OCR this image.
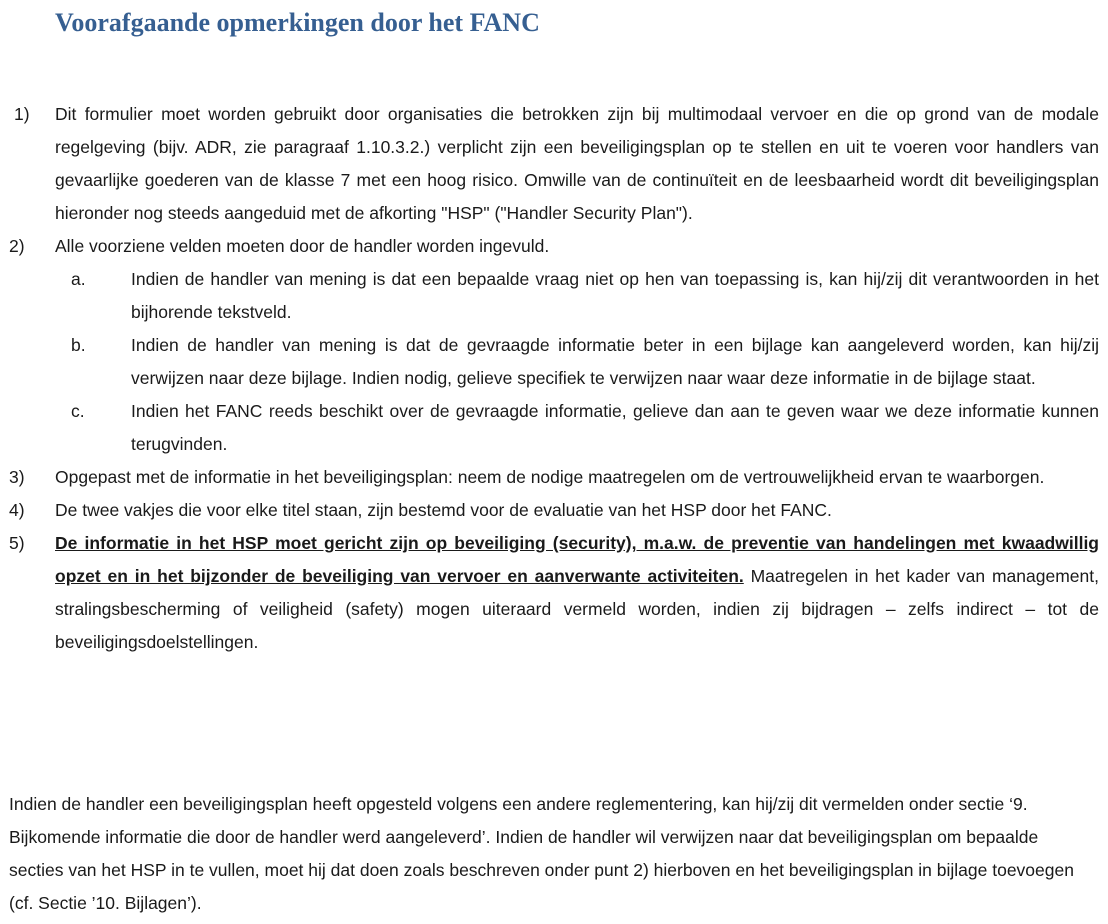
Voorafgaande opmerkingen door het FANC
1)	Dit formulier moet worden gebruikt door organisaties die betrokken zijn bij multimodaal vervoer en die op grond van de modale regelgeving (bijv. ADR, zie paragraaf 1.10.3.2.) verplicht zijn een beveiligingsplan op te stellen en uit te voeren voor handlers van gevaarlijke goederen van de klasse 7 met een hoog risico. Omwille van de continuïteit en de leesbaarheid wordt dit beveiligingsplan hieronder nog steeds aangeduid met de afkorting "HSP" ("Handler Security Plan").
2)	Alle voorziene velden moeten door de handler worden ingevuld.
a.	Indien de handler van mening is dat een bepaalde vraag niet op hen van toepassing is, kan hij/zij dit verantwoorden in het bijhorende tekstveld.
b.	Indien de handler van mening is dat de gevraagde informatie beter in een bijlage kan aangeleverd worden, kan hij/zij verwijzen naar deze bijlage. Indien nodig, gelieve specifiek te verwijzen naar waar deze informatie in de bijlage staat.
c.	Indien het FANC reeds beschikt over de gevraagde informatie, gelieve dan aan te geven waar we deze informatie kunnen terugvinden.
3)	Opgepast met de informatie in het beveiligingsplan: neem de nodige maatregelen om de vertrouwelijkheid ervan te waarborgen.
4)	De twee vakjes die voor elke titel staan, zijn bestemd voor de evaluatie van het HSP door het FANC.
5)	De informatie in het HSP moet gericht zijn op beveiliging (security), m.a.w. de preventie van handelingen met kwaadwillig opzet en in het bijzonder de beveiliging van vervoer en aanverwante activiteiten. Maatregelen in het kader van management, stralingsbescherming of veiligheid (safety) mogen uiteraard vermeld worden, indien zij bijdragen – zelfs indirect – tot de beveiligingsdoelstellingen.

Indien de handler een beveiligingsplan heeft opgesteld volgens een andere reglementering, kan hij/zij dit vermelden onder sectie ‘9. Bijkomende informatie die door de handler werd aangeleverd’. Indien de handler wil verwijzen naar dat beveiligingsplan om bepaalde secties van het HSP in te vullen, moet hij dat doen zoals beschreven onder punt 2) hierboven en het beveiligingsplan in bijlage toevoegen (cf. Sectie ’10. Bijlagen’).
